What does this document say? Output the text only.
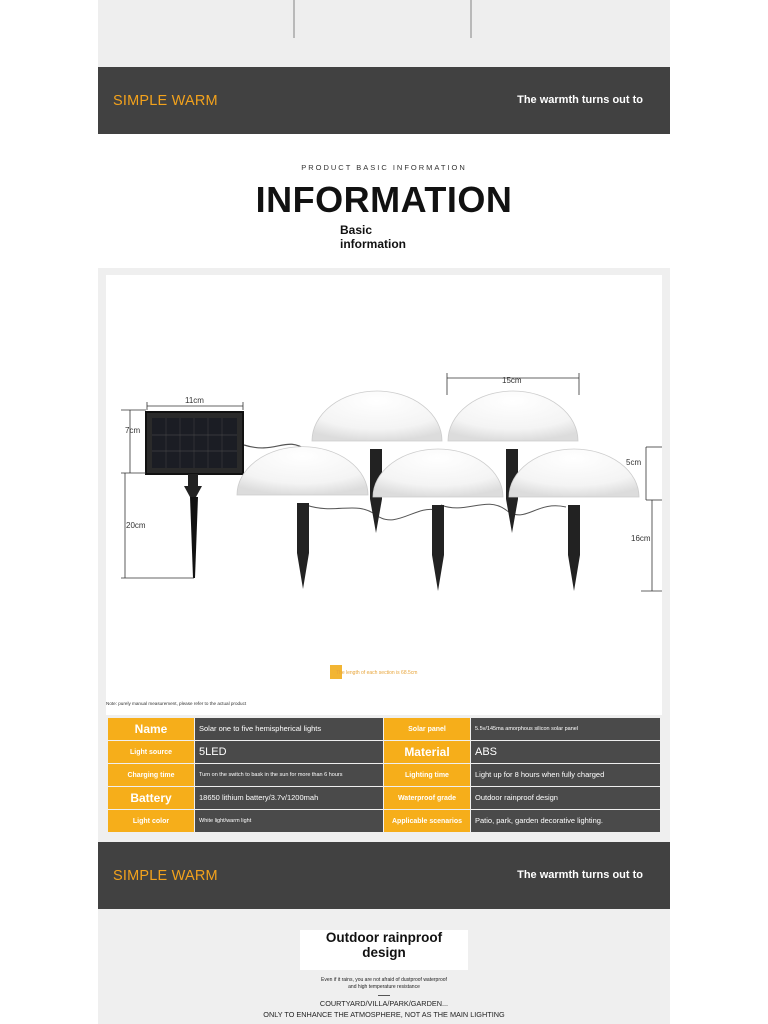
SIMPLE WARM	The warmth turns out to
PRODUCT BASIC INFORMATION
INFORMATION
Basic
information
11cm
7cm
20cm
15cm
5cm
16cm
The length of each section is 68.5cm
Note: purely manual measurement, please refer to the actual product
Name	Solar one to five hemispherical lights	Solar panel	5.5v/145ma amorphous silicon solar panel
Light source	5LED	Material	ABS
Charging time	Turn on the switch to bask in the sun for more than 6 hours	Lighting time	Light up for 8 hours when fully charged
Battery	18650 lithium battery/3.7v/1200mah	Waterproof grade	Outdoor rainproof design
Light color	White light/warm light	Applicable scenarios	Patio, park, garden decorative lighting.
SIMPLE WARM	The warmth turns out to
Outdoor rainproof
design
Even if it rains, you are not afraid of dustproof waterproof
and high temperature resistance
COURTYARD/VILLA/PARK/GARDEN...
ONLY TO ENHANCE THE ATMOSPHERE, NOT AS THE MAIN LIGHTING
